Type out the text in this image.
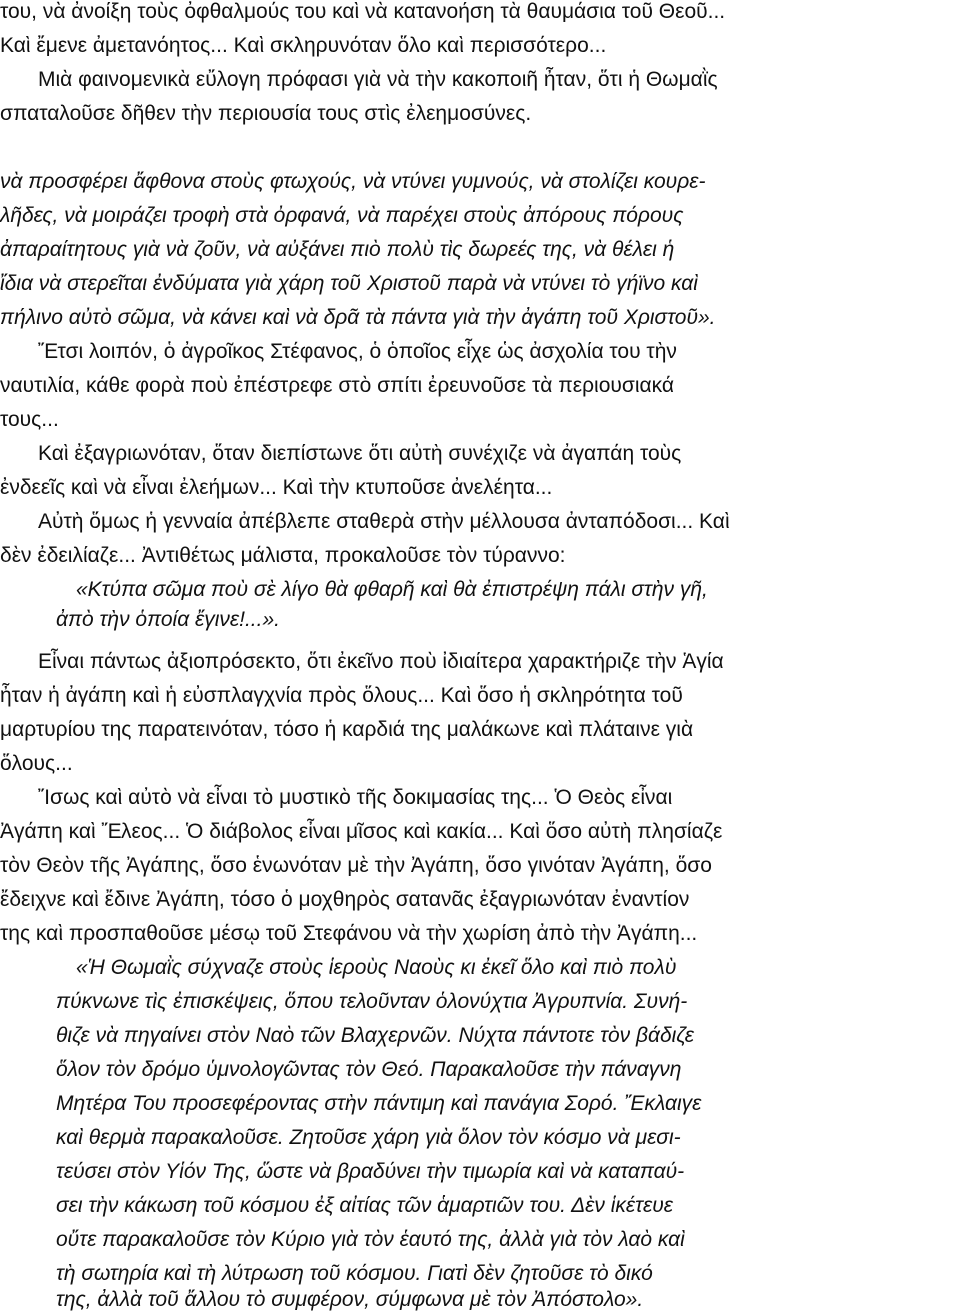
του, νὰ ἀνοίξη τοὺς ὀφθαλμούς του καὶ νὰ κατανοήση τὰ θαυμάσια τοῦ Θεοῦ...
Καὶ ἔμενε ἀμετανόητος... Καὶ σκληρυνόταν ὅλο καὶ περισσότερο...
Μιὰ φαινομενικὰ εὔλογη πρόφασι γιὰ νὰ τὴν κακοποιῆ ἦταν, ὅτι ἡ Θωμαῒς
σπαταλοῦσε δῆθεν τὴν περιουσία τους στὶς ἐλεημοσύνες.

νὰ προσφέρει ἄφθονα στοὺς φτωχούς, νὰ ντύνει γυμνούς, νὰ στολίζει κουρε-
λῆδες, νὰ μοιράζει τροφὴ στὰ ὀρφανά, νὰ παρέχει στοὺς ἀπόρους πόρους
ἀπαραίτητους γιὰ νὰ ζοῦν, νὰ αὐξάνει πιὸ πολὺ τὶς δωρεές της, νὰ θέλει ἡ
ἴδια νὰ στερεῖται ἐνδύματα γιὰ χάρη τοῦ Χριστοῦ παρὰ νὰ ντύνει τὸ γήϊνο καὶ
πήλινο αὐτὸ σῶμα, νὰ κάνει καὶ νὰ δρᾶ τὰ πάντα γιὰ τὴν ἀγάπη τοῦ Χριστοῦ».
Ἔτσι λοιπόν, ὁ ἀγροῖκος Στέφανος, ὁ ὁποῖος εἶχε ὡς ἀσχολία του τὴν
ναυτιλία, κάθε φορὰ ποὺ ἐπέστρεφε στὸ σπίτι ἐρευνοῦσε τὰ περιουσιακά
τους...
Καὶ ἐξαγριωνόταν, ὅταν διεπίστωνε ὅτι αὐτὴ συνέχιζε νὰ ἀγαπάη τοὺς
ἐνδεεῖς καὶ νὰ εἶναι ἐλεήμων... Καὶ τὴν κτυποῦσε ἀνελέητα...
Αὐτὴ ὅμως ἡ γενναία ἀπέβλεπε σταθερὰ στὴν μέλλουσα ἀνταπόδοσι... Καὶ
δὲν ἐδειλίαζε... Ἀντιθέτως μάλιστα, προκαλοῦσε τὸν τύραννο:
«Κτύπα σῶμα ποὺ σὲ λίγο θὰ φθαρῆ καὶ θὰ ἐπιστρέψη πάλι στὴν γῆ,
ἀπὸ τὴν ὁποία ἔγινε!...».
Εἶναι πάντως ἀξιοπρόσεκτο, ὅτι ἐκεῖνο ποὺ ἰδιαίτερα χαρακτήριζε τὴν Ἁγία
ἦταν ἡ ἀγάπη καὶ ἡ εὐσπλαγχνία πρὸς ὅλους... Καὶ ὅσο ἡ σκληρότητα τοῦ
μαρτυρίου της παρατεινόταν, τόσο ἡ καρδιά της μαλάκωνε καὶ πλάταινε γιὰ
ὅλους...
Ἴσως καὶ αὐτὸ νὰ εἶναι τὸ μυστικὸ τῆς δοκιμασίας της... Ὁ Θεὸς εἶναι
Ἀγάπη καὶ Ἔλεος... Ὁ διάβολος εἶναι μῖσος καὶ κακία... Καὶ ὅσο αὐτὴ πλησίαζε
τὸν Θεὸν τῆς Ἀγάπης, ὅσο ἑνωνόταν μὲ τὴν Ἀγάπη, ὅσο γινόταν Ἀγάπη, ὅσο
ἔδειχνε καὶ ἔδινε Ἀγάπη, τόσο ὁ μοχθηρὸς σατανᾶς ἐξαγριωνόταν ἐναντίον
της καὶ προσπαθοῦσε μέσῳ τοῦ Στεφάνου νὰ τὴν χωρίση ἀπὸ τὴν Ἀγάπη...
«Ἡ Θωμαῒς σύχναζε στοὺς ἱεροὺς Ναοὺς κι ἐκεῖ ὅλο καὶ πιὸ πολὺ
πύκνωνε τὶς ἐπισκέψεις, ὅπου τελοῦνταν ὁλονύχτια Ἀγρυπνία. Συνή-
θιζε νὰ πηγαίνει στὸν Ναὸ τῶν Βλαχερνῶν. Νύχτα πάντοτε τὸν βάδιζε
ὅλον τὸν δρόμο ὑμνολογῶντας τὸν Θεό. Παρακαλοῦσε τὴν πάναγνη
Μητέρα Του προσεφέροντας στὴν πάντιμη καὶ πανάγια Σορό. Ἔκλαιγε
καὶ θερμὰ παρακαλοῦσε. Ζητοῦσε χάρη γιὰ ὅλον τὸν κόσμο νὰ μεσι-
τεύσει στὸν Υἱόν Της, ὥστε νὰ βραδύνει τὴν τιμωρία καὶ νὰ καταπαύ-
σει τὴν κάκωση τοῦ κόσμου ἐξ αἰτίας τῶν ἁμαρτιῶν του. Δὲν ἱκέτευε
οὔτε παρακαλοῦσε τὸν Κύριο γιὰ τὸν ἑαυτό της, ἀλλὰ γιὰ τὸν λαὸ καὶ
τὴ σωτηρία καὶ τὴ λύτρωση τοῦ κόσμου. Γιατὶ δὲν ζητοῦσε τὸ δικό
της, ἀλλὰ τοῦ ἄλλου τὸ συμφέρον, σύμφωνα μὲ τὸν Ἀπόστολο».
